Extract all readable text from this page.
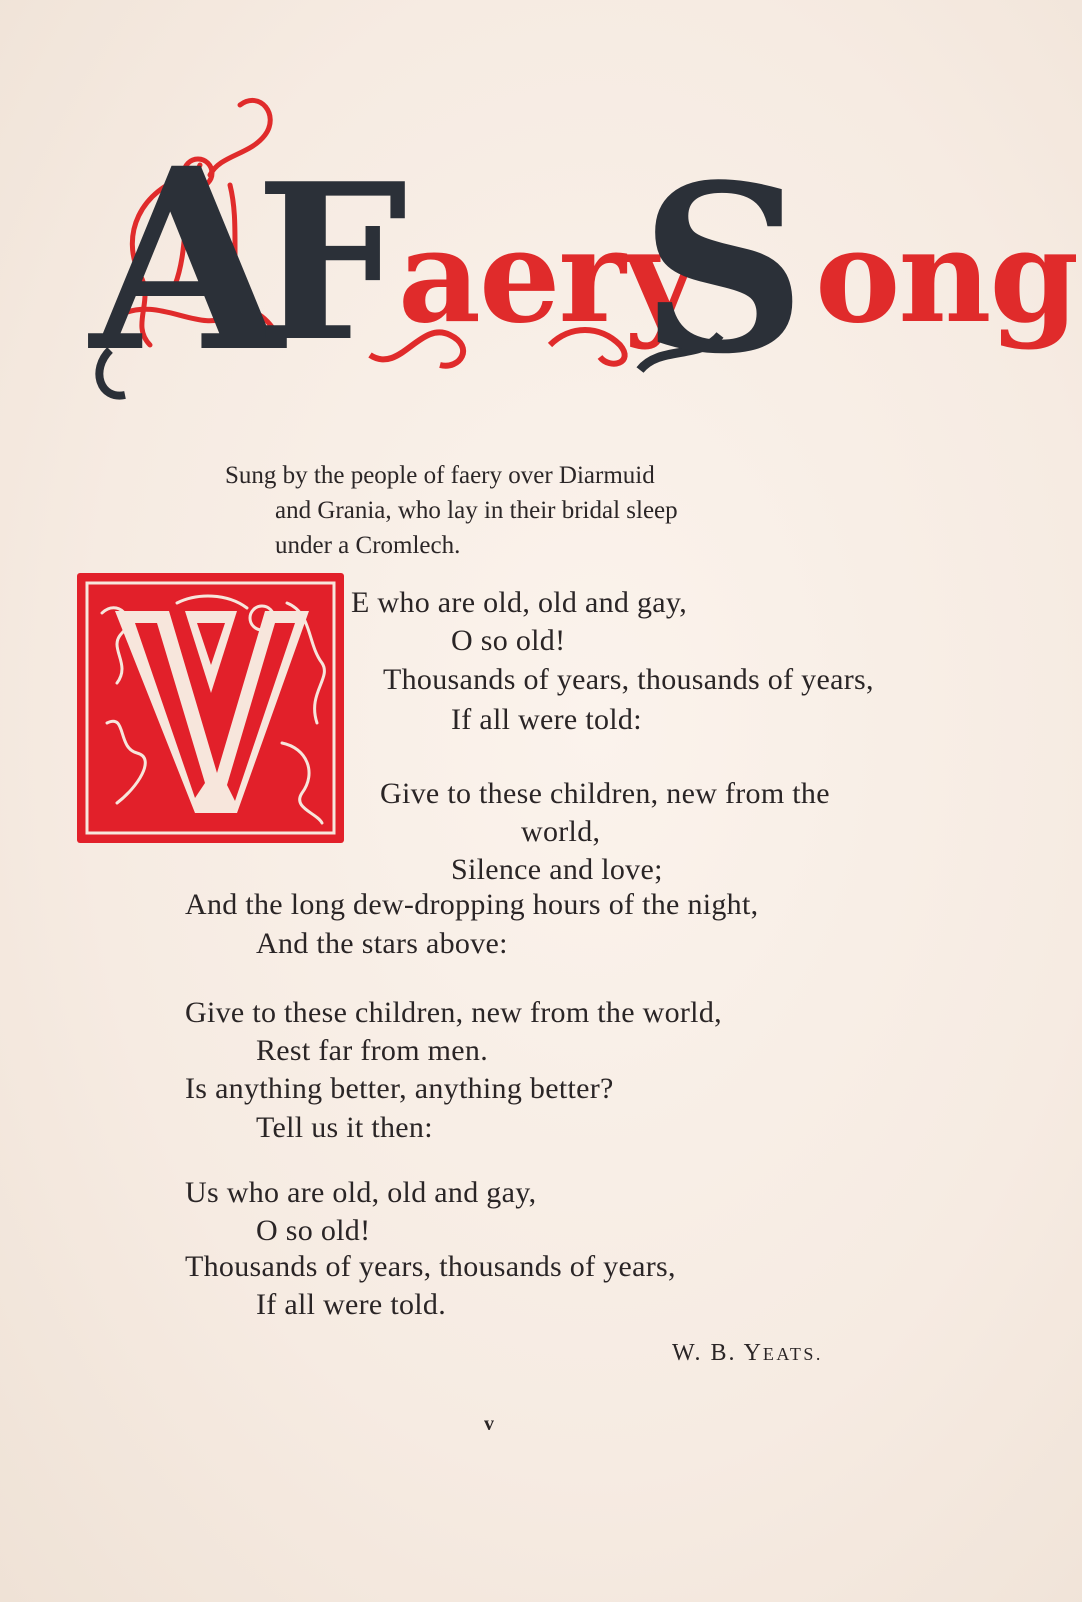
A
F
aery
S ong
Sung by the people of faery over Diarmuid
and Grania, who lay in their bridal sleep
under a Cromlech.
E who are old, old and gay,
O so old!
Thousands of years, thousands of years,
If all were told:
Give to these children, new from the
world,
Silence and love;
And the long dew-dropping hours of the night,
And the stars above:
Give to these children, new from the world,
Rest far from men.
Is anything better, anything better?
Tell us it then:
Us who are old, old and gay,
O so old!
Thousands of years, thousands of years,
If all were told.
W. B. YEATS.
v
